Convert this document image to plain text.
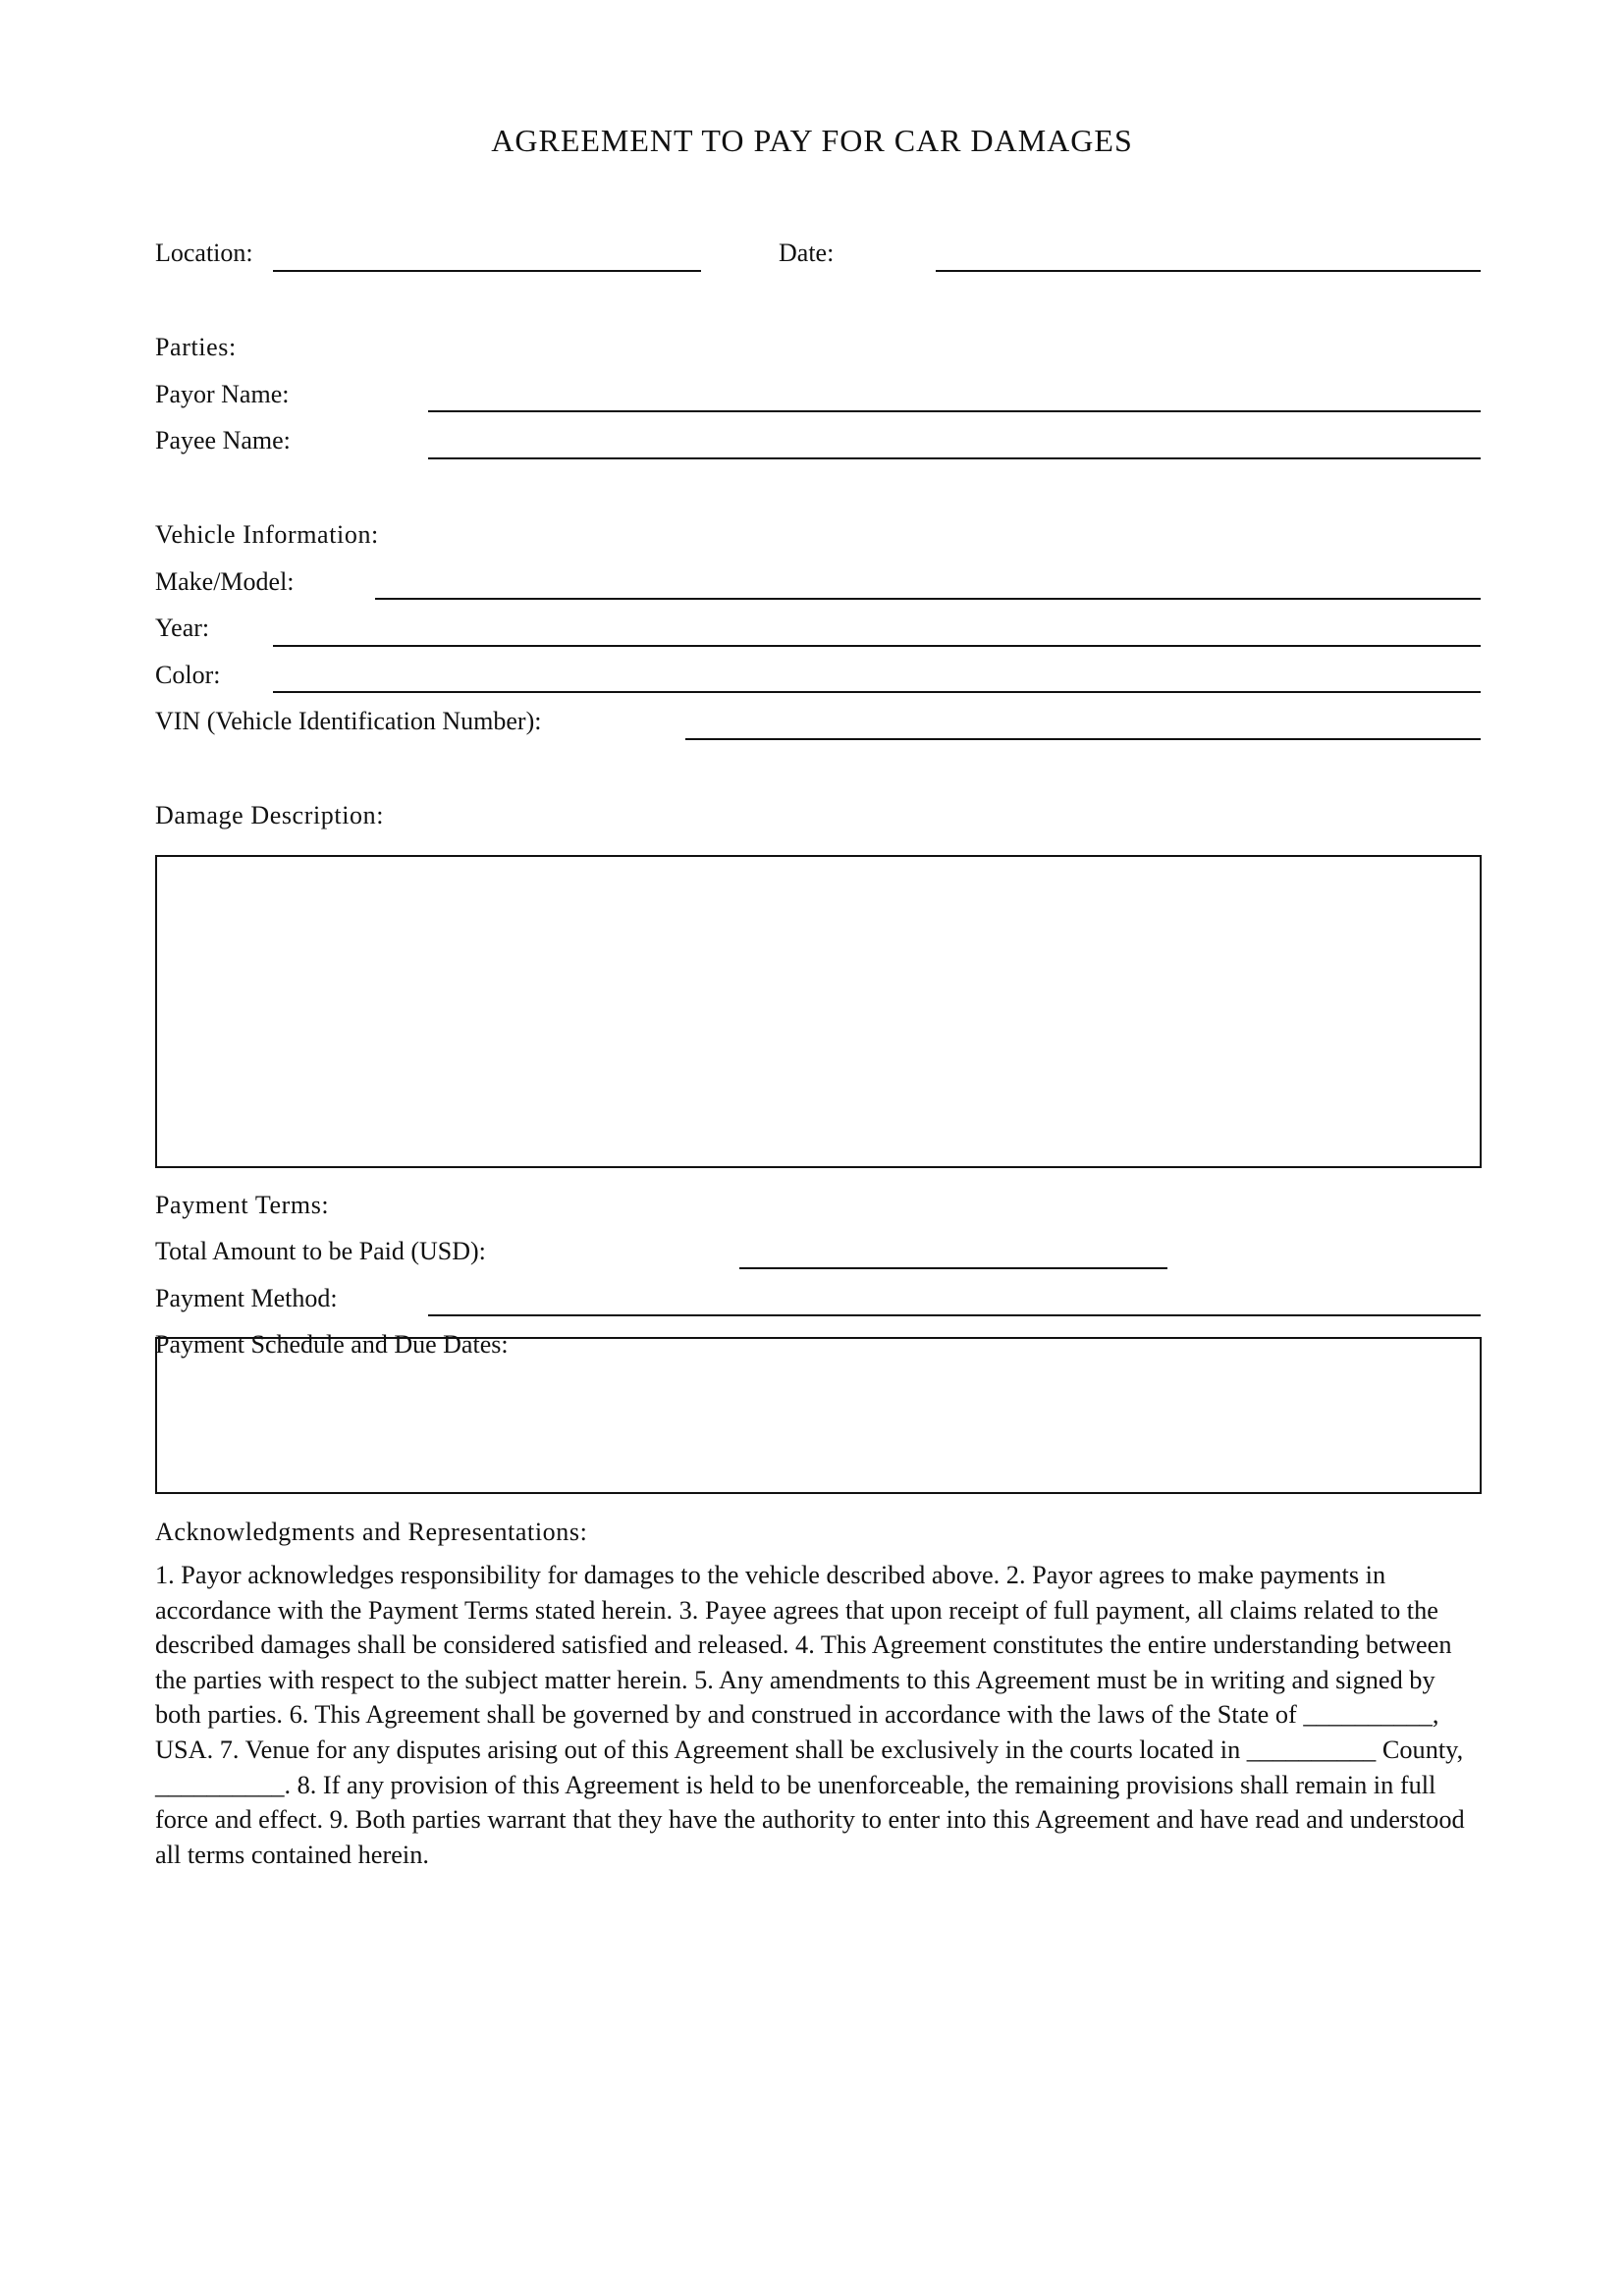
AGREEMENT TO PAY FOR CAR DAMAGES
Location:	Date:
Parties:
Payor Name:
Payee Name:
Vehicle Information:
Make/Model:
Year:
Color:
VIN (Vehicle Identification Number):
Damage Description:
Payment Terms:
Total Amount to be Paid (USD):
Payment Method:
Payment Schedule and Due Dates:
Acknowledgments and Representations:
1. Payor acknowledges responsibility for damages to the vehicle described above. 2. Payor agrees to make payments in accordance with the Payment Terms stated herein. 3. Payee agrees that upon receipt of full payment, all claims related to the described damages shall be considered satisfied and released. 4. This Agreement constitutes the entire understanding between the parties with respect to the subject matter herein. 5. Any amendments to this Agreement must be in writing and signed by both parties. 6. This Agreement shall be governed by and construed in accordance with the laws of the State of __________, USA. 7. Venue for any disputes arising out of this Agreement shall be exclusively in the courts located in __________ County, __________. 8. If any provision of this Agreement is held to be unenforceable, the remaining provisions shall remain in full force and effect. 9. Both parties warrant that they have the authority to enter into this Agreement and have read and understood all terms contained herein.
